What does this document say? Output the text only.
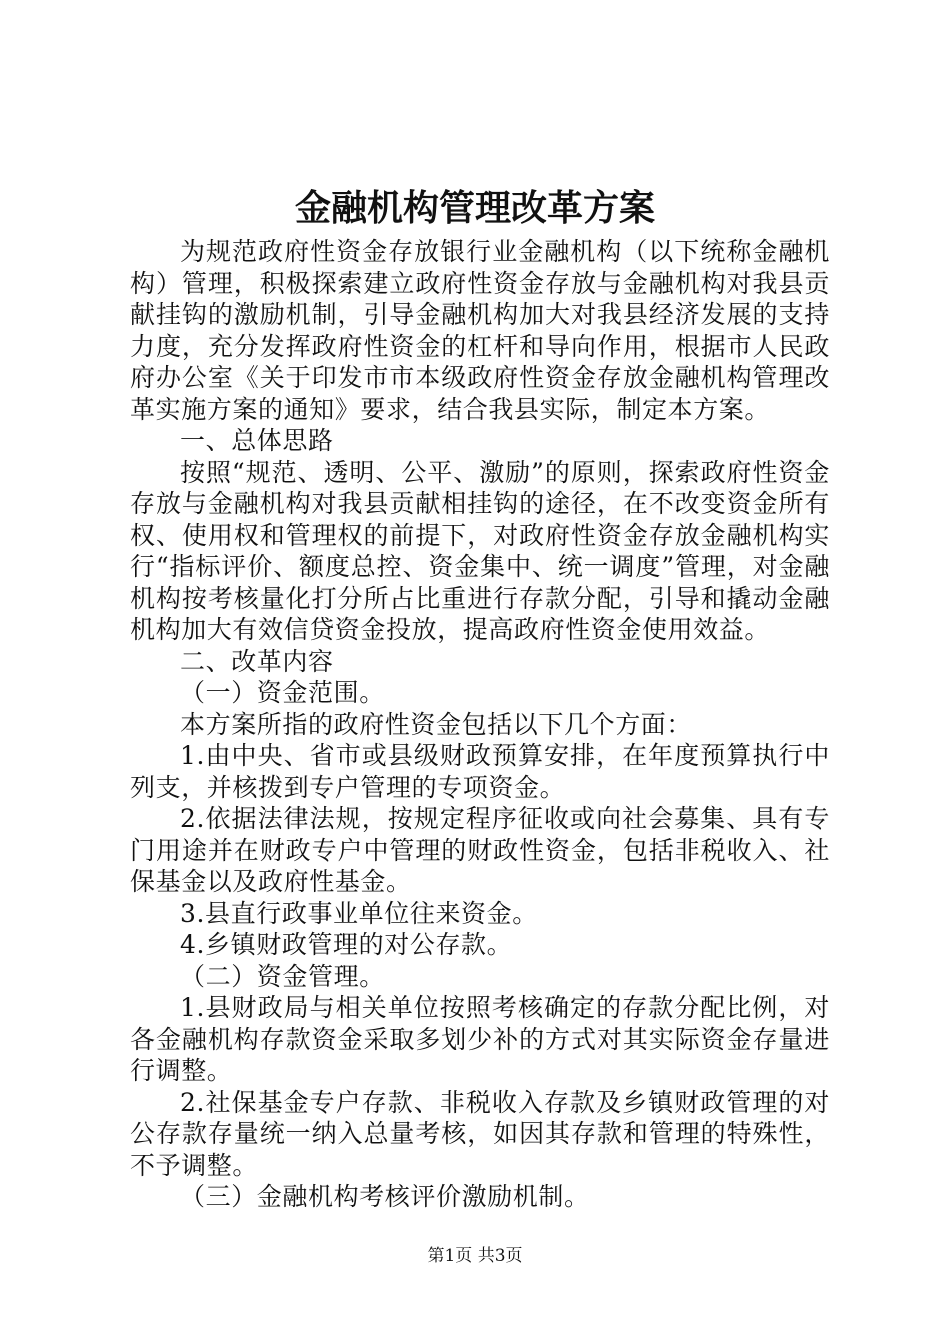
金融机构管理改革方案

为规范政府性资金存放银行业金融机构（以下统称金融机构）管理，积极探索建立政府性资金存放与金融机构对我县贡献挂钩的激励机制，引导金融机构加大对我县经济发展的支持力度，充分发挥政府性资金的杠杆和导向作用，根据市人民政府办公室《关于印发市市本级政府性资金存放金融机构管理改革实施方案的通知》要求，结合我县实际，制定本方案。

一、总体思路

按照“规范、透明、公平、激励”的原则，探索政府性资金存放与金融机构对我县贡献相挂钩的途径，在不改变资金所有权、使用权和管理权的前提下，对政府性资金存放金融机构实行“指标评价、额度总控、资金集中、统一调度”管理，对金融机构按考核量化打分所占比重进行存款分配，引导和撬动金融机构加大有效信贷资金投放，提高政府性资金使用效益。

二、改革内容

（一）资金范围。

本方案所指的政府性资金包括以下几个方面：

1.由中央、省市或县级财政预算安排，在年度预算执行中列支，并核拨到专户管理的专项资金。

2.依据法律法规，按规定程序征收或向社会募集、具有专门用途并在财政专户中管理的财政性资金，包括非税收入、社保基金以及政府性基金。

3.县直行政事业单位往来资金。

4.乡镇财政管理的对公存款。

（二）资金管理。

1.县财政局与相关单位按照考核确定的存款分配比例，对各金融机构存款资金采取多划少补的方式对其实际资金存量进行调整。

2.社保基金专户存款、非税收入存款及乡镇财政管理的对公存款存量统一纳入总量考核，如因其存款和管理的特殊性，不予调整。

（三）金融机构考核评价激励机制。

第1页 共3页
